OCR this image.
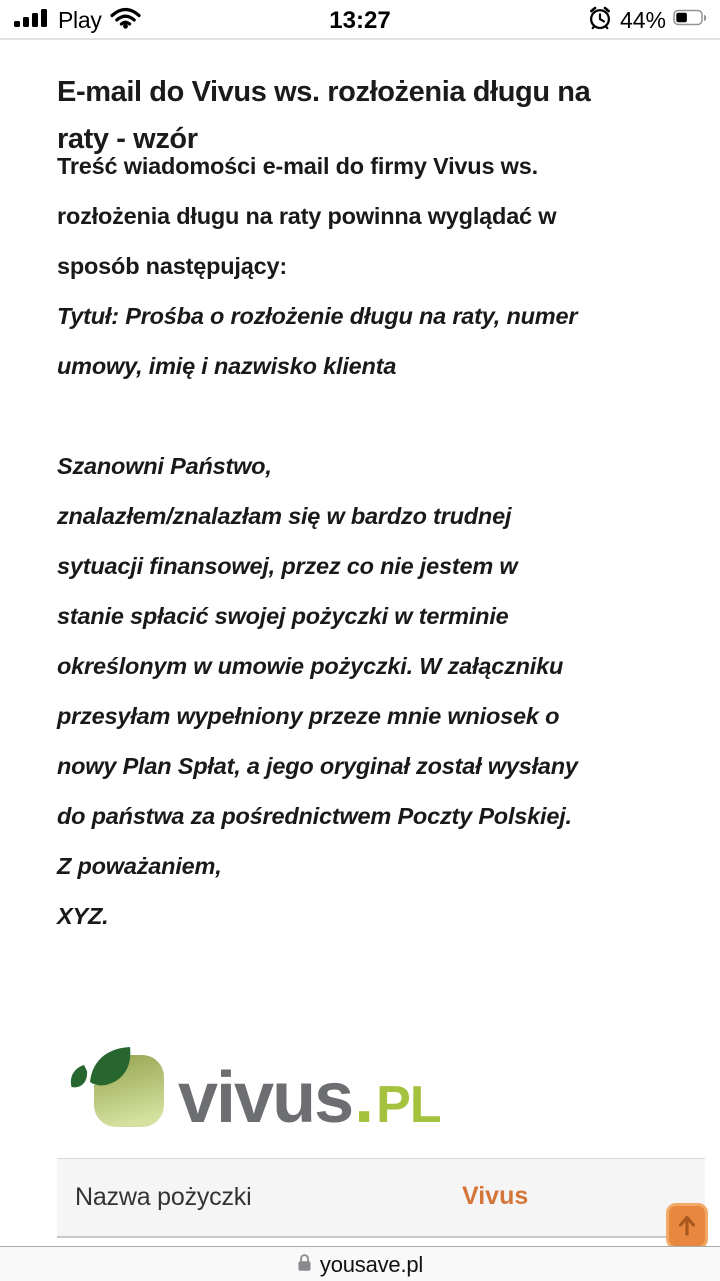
Play	13:27	44%
E-mail do Vivus ws. rozłożenia długu na
raty - wzór
Treść wiadomości e-mail do firmy Vivus ws.
rozłożenia długu na raty powinna wyglądać w
sposób następujący:
Tytuł: Prośba o rozłożenie długu na raty, numer
umowy, imię i nazwisko klienta
Szanowni Państwo,
znalazłem/znalazłam się w bardzo trudnej
sytuacji finansowej, przez co nie jestem w
stanie spłacić swojej pożyczki w terminie
określonym w umowie pożyczki. W załączniku
przesyłam wypełniony przeze mnie wniosek o
nowy Plan Spłat, a jego oryginał został wysłany
do państwa za pośrednictwem Poczty Polskiej.
Z poważaniem,
XYZ.
vivus . PL
Nazwa pożyczki	Vivus
yousave.pl
